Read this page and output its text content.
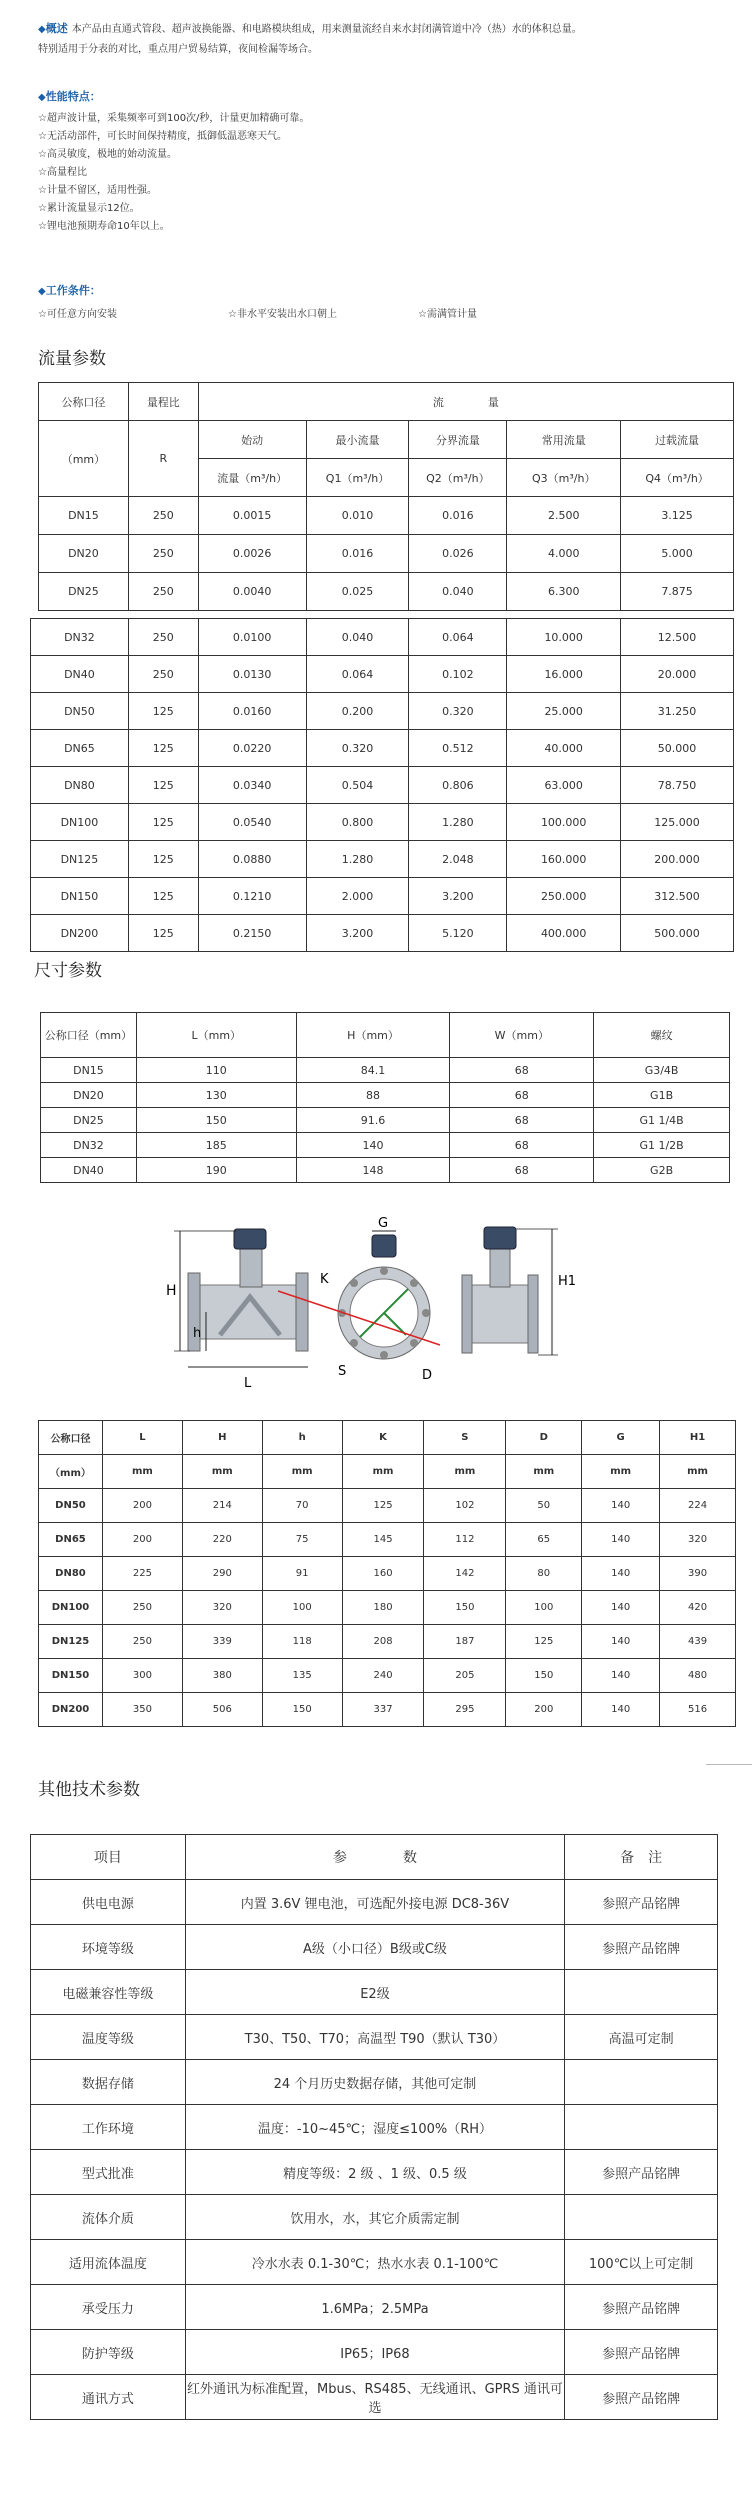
◆概述 本产品由直通式管段、超声波换能器、和电路模块组成，用来测量流经自来水封闭满管道中冷（热）水的体积总量。
特别适用于分表的对比，重点用户贸易结算，夜间检漏等场合。
◆性能特点：
☆超声波计量，采集频率可到100次/秒，计量更加精确可靠。
☆无活动部件，可长时间保持精度，抵御低温恶寒天气。
☆高灵敏度，极地的始动流量。
☆高量程比
☆计量不留区，适用性强。
☆累计流量显示12位。
☆锂电池预期寿命10年以上。
◆工作条件：
☆可任意方向安装	☆非水平安装出水口朝上	☆需满管计量
流量参数
公称口径	量程比	流　　　　量				
（mm）	R	始动	最小流量	分界流量	常用流量	过载流量
		流量（m³/h）	Q1（m³/h）	Q2（m³/h）	Q3（m³/h）	Q4（m³/h）
DN15	250	0.0015	0.010	0.016	2.500	3.125
DN20	250	0.0026	0.016	0.026	4.000	5.000
DN25	250	0.0040	0.025	0.040	6.300	7.875
DN32	250	0.0100	0.040	0.064	10.000	12.500
DN40	250	0.0130	0.064	0.102	16.000	20.000
DN50	125	0.0160	0.200	0.320	25.000	31.250
DN65	125	0.0220	0.320	0.512	40.000	50.000
DN80	125	0.0340	0.504	0.806	63.000	78.750
DN100	125	0.0540	0.800	1.280	100.000	125.000
DN125	125	0.0880	1.280	2.048	160.000	200.000
DN150	125	0.1210	2.000	3.200	250.000	312.500
DN200	125	0.2150	3.200	5.120	400.000	500.000
尺寸参数
公称口径（mm）	L（mm）	H（mm）	W（mm）	螺纹
DN15	110	84.1	68	G3/4B
DN20	130	88	68	G1B
DN25	150	91.6	68	G1 1/4B
DN32	185	140	68	G1 1/2B
DN40	190	148	68	G2B
H
h
L
G
K
S	D
H1
公称口径	L	H	h	K	S	D	G	H1
（mm）	mm	mm	mm	mm	mm	mm	mm	mm
DN50	200	214	70	125	102	50	140	224
DN65	200	220	75	145	112	65	140	320
DN80	225	290	91	160	142	80	140	390
DN100	250	320	100	180	150	100	140	420
DN125	250	339	118	208	187	125	140	439
DN150	300	380	135	240	205	150	140	480
DN200	350	506	150	337	295	200	140	516
其他技术参数
项目	参　　　　数	备　注
供电电源	内置 3.6V 锂电池，可选配外接电源 DC8-36V	参照产品铭牌
环境等级	A级（小口径）B级或C级	参照产品铭牌
电磁兼容性等级	E2级	
温度等级	T30、T50、T70；高温型 T90（默认 T30）	高温可定制
数据存储	24 个月历史数据存储，其他可定制	
工作环境	温度：-10~45℃；湿度≤100%（RH）	
型式批准	精度等级：2 级 、1 级、0.5 级	参照产品铭牌
流体介质	饮用水，水，其它介质需定制	
适用流体温度	冷水水表 0.1-30℃；热水水表 0.1-100℃	100℃以上可定制
承受压力	1.6MPa；2.5MPa	参照产品铭牌
防护等级	IP65；IP68	参照产品铭牌
通讯方式	红外通讯为标准配置，Mbus、RS485、无线通讯、GPRS 通讯可选	参照产品铭牌
